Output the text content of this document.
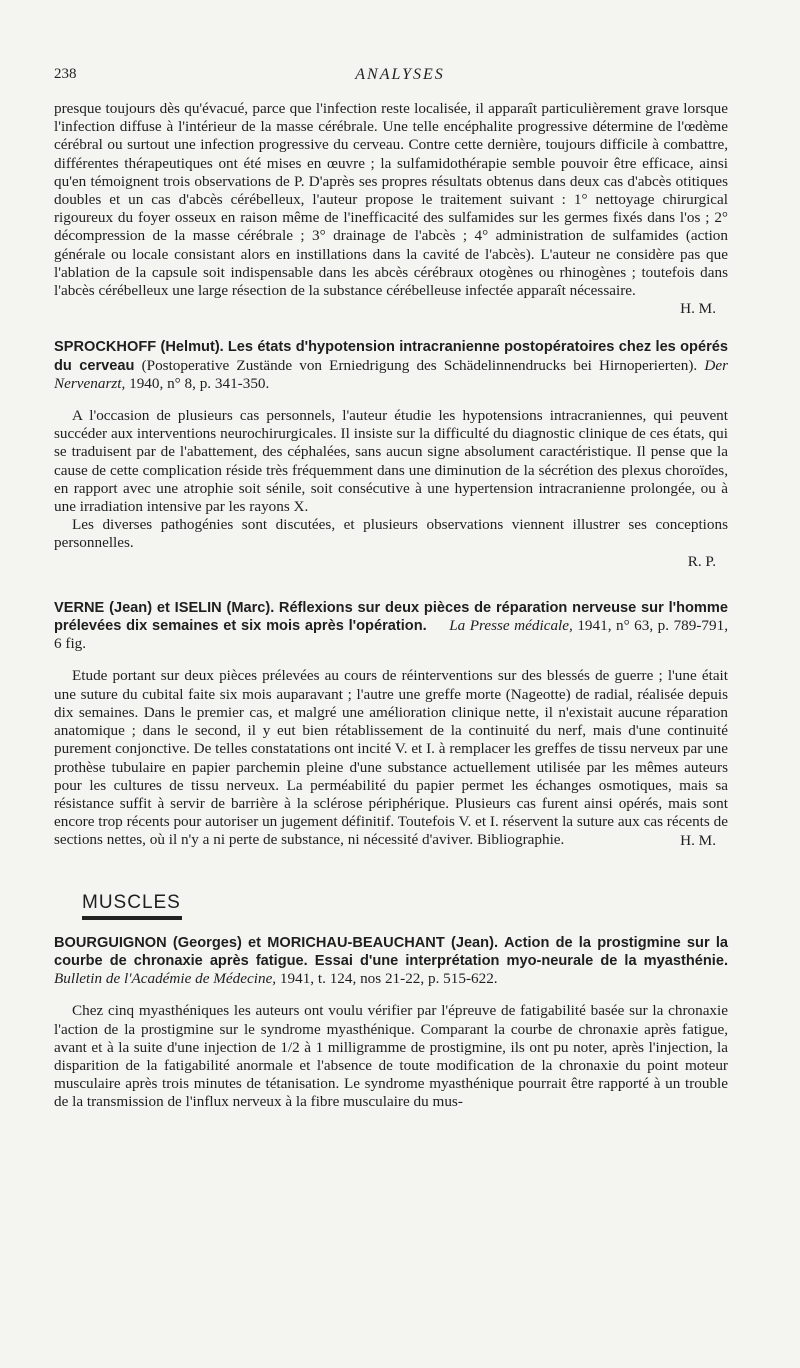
238	ANALYSES

presque toujours dès qu'évacué, parce que l'infection reste localisée, il apparaît particulièrement grave lorsque l'infection diffuse à l'intérieur de la masse cérébrale. Une telle encéphalite progressive détermine de l'œdème cérébral ou surtout une infection progressive du cerveau. Contre cette dernière, toujours difficile à combattre, différentes thérapeutiques ont été mises en œuvre ; la sulfamidothérapie semble pouvoir être efficace, ainsi qu'en témoignent trois observations de P. D'après ses propres résultats obtenus dans deux cas d'abcès otitiques doubles et un cas d'abcès cérébelleux, l'auteur propose le traitement suivant : 1° nettoyage chirurgical rigoureux du foyer osseux en raison même de l'inefficacité des sulfamides sur les germes fixés dans l'os ; 2° décompression de la masse cérébrale ; 3° drainage de l'abcès ; 4° administration de sulfamides (action générale ou locale consistant alors en instillations dans la cavité de l'abcès). L'auteur ne considère pas que l'ablation de la capsule soit indispensable dans les abcès cérébraux otogènes ou rhinogènes ; toutefois dans l'abcès cérébelleux une large résection de la substance cérébelleuse infectée apparaît nécessaire.

H. M.

SPROCKHOFF (Helmut). Les états d'hypotension intracranienne postopératoires chez les opérés du cerveau (Postoperative Zustände von Erniedrigung des Schädelinnendrucks bei Hirnoperierten). Der Nervenarzt, 1940, n° 8, p. 341-350.

A l'occasion de plusieurs cas personnels, l'auteur étudie les hypotensions intracraniennes, qui peuvent succéder aux interventions neurochirurgicales. Il insiste sur la difficulté du diagnostic clinique de ces états, qui se traduisent par de l'abattement, des céphalées, sans aucun signe absolument caractéristique. Il pense que la cause de cette complication réside très fréquemment dans une diminution de la sécrétion des plexus choroïdes, en rapport avec une atrophie soit sénile, soit consécutive à une hypertension intracranienne prolongée, ou à une irradiation intensive par les rayons X.

Les diverses pathogénies sont discutées, et plusieurs observations viennent illustrer ses conceptions personnelles.

R. P.

VERNE (Jean) et ISELIN (Marc). Réflexions sur deux pièces de réparation nerveuse sur l'homme prélevées dix semaines et six mois après l'opération. La Presse médicale, 1941, n° 63, p. 789-791, 6 fig.

Etude portant sur deux pièces prélevées au cours de réinterventions sur des blessés de guerre ; l'une était une suture du cubital faite six mois auparavant ; l'autre une greffe morte (Nageotte) de radial, réalisée depuis dix semaines. Dans le premier cas, et malgré une amélioration clinique nette, il n'existait aucune réparation anatomique ; dans le second, il y eut bien rétablissement de la continuité du nerf, mais d'une continuité purement conjonctive. De telles constatations ont incité V. et I. à remplacer les greffes de tissu nerveux par une prothèse tubulaire en papier parchemin pleine d'une substance actuellement utilisée par les mêmes auteurs pour les cultures de tissu nerveux. La perméabilité du papier permet les échanges osmotiques, mais sa résistance suffit à servir de barrière à la sclérose périphérique. Plusieurs cas furent ainsi opérés, mais sont encore trop récents pour autoriser un jugement définitif. Toutefois V. et I. réservent la suture aux cas récents de sections nettes, où il n'y a ni perte de substance, ni nécessité d'aviver. Bibliographie.	H. M.
MUSCLES

BOURGUIGNON (Georges) et MORICHAU-BEAUCHANT (Jean). Action de la prostigmine sur la courbe de chronaxie après fatigue. Essai d'une interprétation myo-neurale de la myasthénie. Bulletin de l'Académie de Médecine, 1941, t. 124, nos 21-22, p. 515-622.

Chez cinq myasthéniques les auteurs ont voulu vérifier par l'épreuve de fatigabilité basée sur la chronaxie l'action de la prostigmine sur le syndrome myasthénique. Comparant la courbe de chronaxie après fatigue, avant et à la suite d'une injection de 1/2 à 1 milligramme de prostigmine, ils ont pu noter, après l'injection, la disparition de la fatigabilité anormale et l'absence de toute modification de la chronaxie du point moteur musculaire après trois minutes de tétanisation. Le syndrome myasthénique pourrait être rapporté à un trouble de la transmission de l'influx nerveux à la fibre musculaire du mus-
